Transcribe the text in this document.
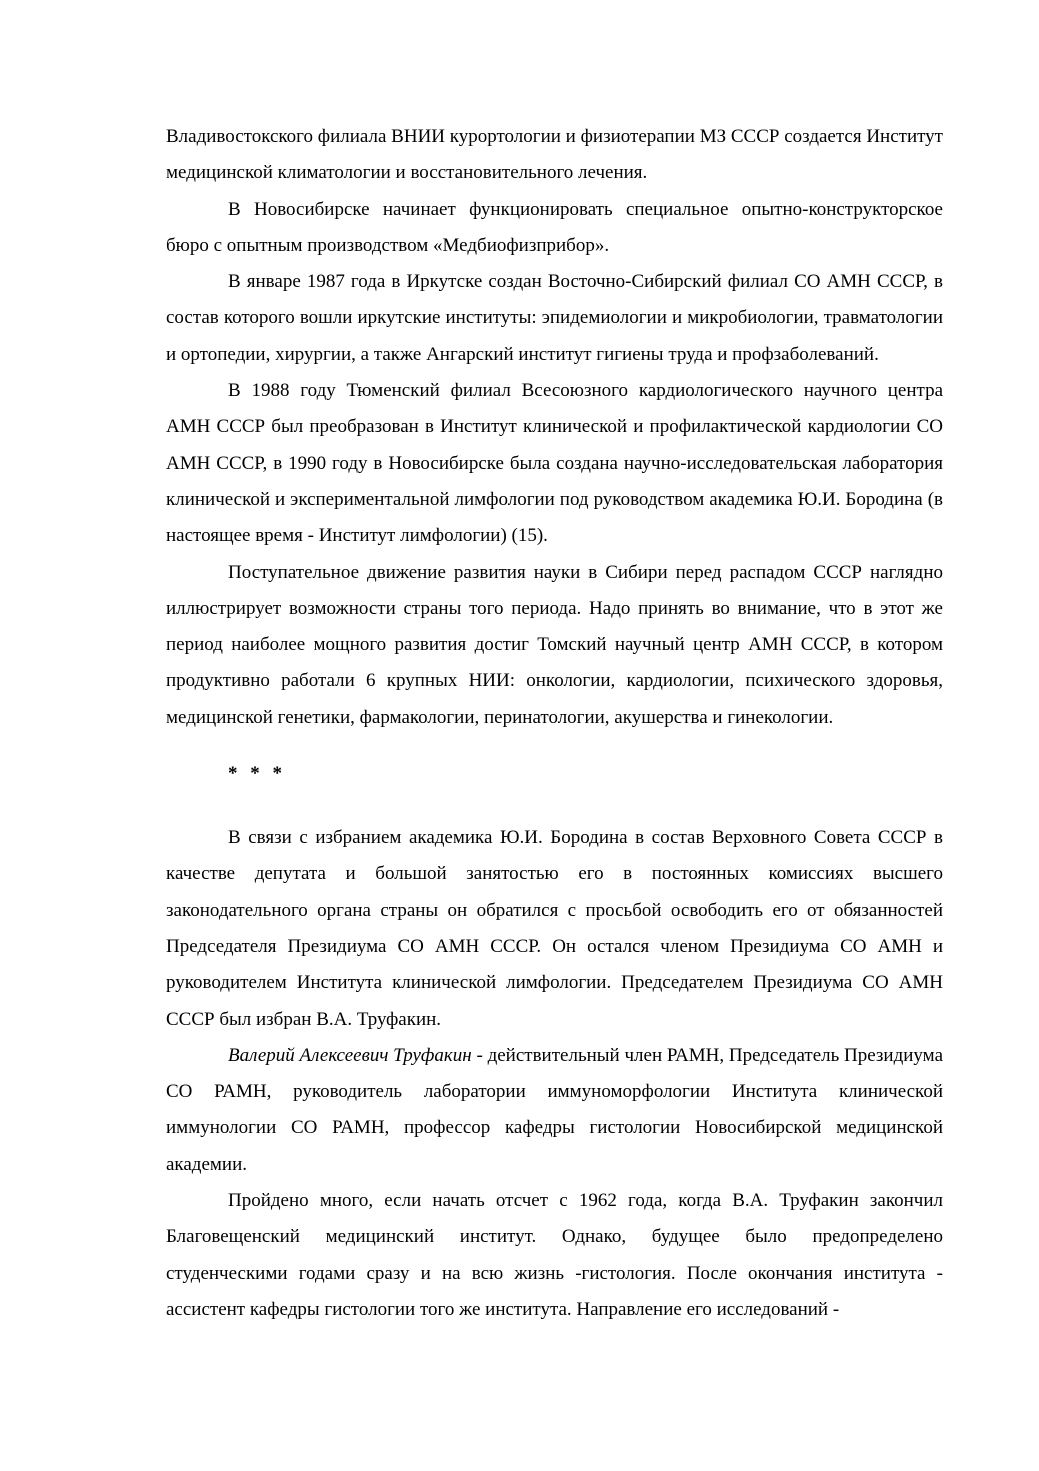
Владивостокского филиала ВНИИ курортологии и физиотерапии МЗ СССР создается Институт медицинской климатологии и восстановительного лечения.

В Новосибирске начинает функционировать специальное опытно-конструкторское бюро с опытным производством «Медбиофизприбор».

В январе 1987 года в Иркутске создан Восточно-Сибирский филиал СО АМН СССР, в состав которого вошли иркутские институты: эпидемиологии и микробиологии, травматологии и ортопедии, хирургии, а также Ангарский институт гигиены труда и профзаболеваний.

В 1988 году Тюменский филиал Всесоюзного кардиологического научного центра АМН СССР был преобразован в Институт клинической и профилактической кардиологии СО АМН СССР, в 1990 году в Новосибирске была создана научно-исследовательская лаборатория клинической и экспериментальной лимфологии под руководством академика Ю.И. Бородина (в настоящее время - Институт лимфологии) (15).

Поступательное движение развития науки в Сибири перед распадом СССР наглядно иллюстрирует возможности страны того периода. Надо принять во внимание, что в этот же период наиболее мощного развития достиг Томский научный центр АМН СССР, в котором продуктивно работали 6 крупных НИИ: онкологии, кардиологии, психического здоровья, медицинской генетики, фармакологии, перинатологии, акушерства и гинекологии.

* * *

В связи с избранием академика Ю.И. Бородина в состав Верховного Совета СССР в качестве депутата и большой занятостью его в постоянных комиссиях высшего законодательного органа страны он обратился с просьбой освободить его от обязанностей Председателя Президиума СО АМН СССР. Он остался членом Президиума СО АМН и руководителем Института клинической лимфологии. Председателем Президиума СО АМН СССР был избран В.А. Труфакин.

Валерий Алексеевич Труфакин - действительный член РАМН, Председатель Президиума СО РАМН, руководитель лаборатории иммуноморфологии Института клинической иммунологии СО РАМН, профессор кафедры гистологии Новосибирской медицинской академии.

Пройдено много, если начать отсчет с 1962 года, когда В.А. Труфакин закончил Благовещенский медицинский институт. Однако, будущее было предопределено студенческими годами сразу и на всю жизнь -гистология. После окончания института - ассистент кафедры гистологии того же института. Направление его исследований -
